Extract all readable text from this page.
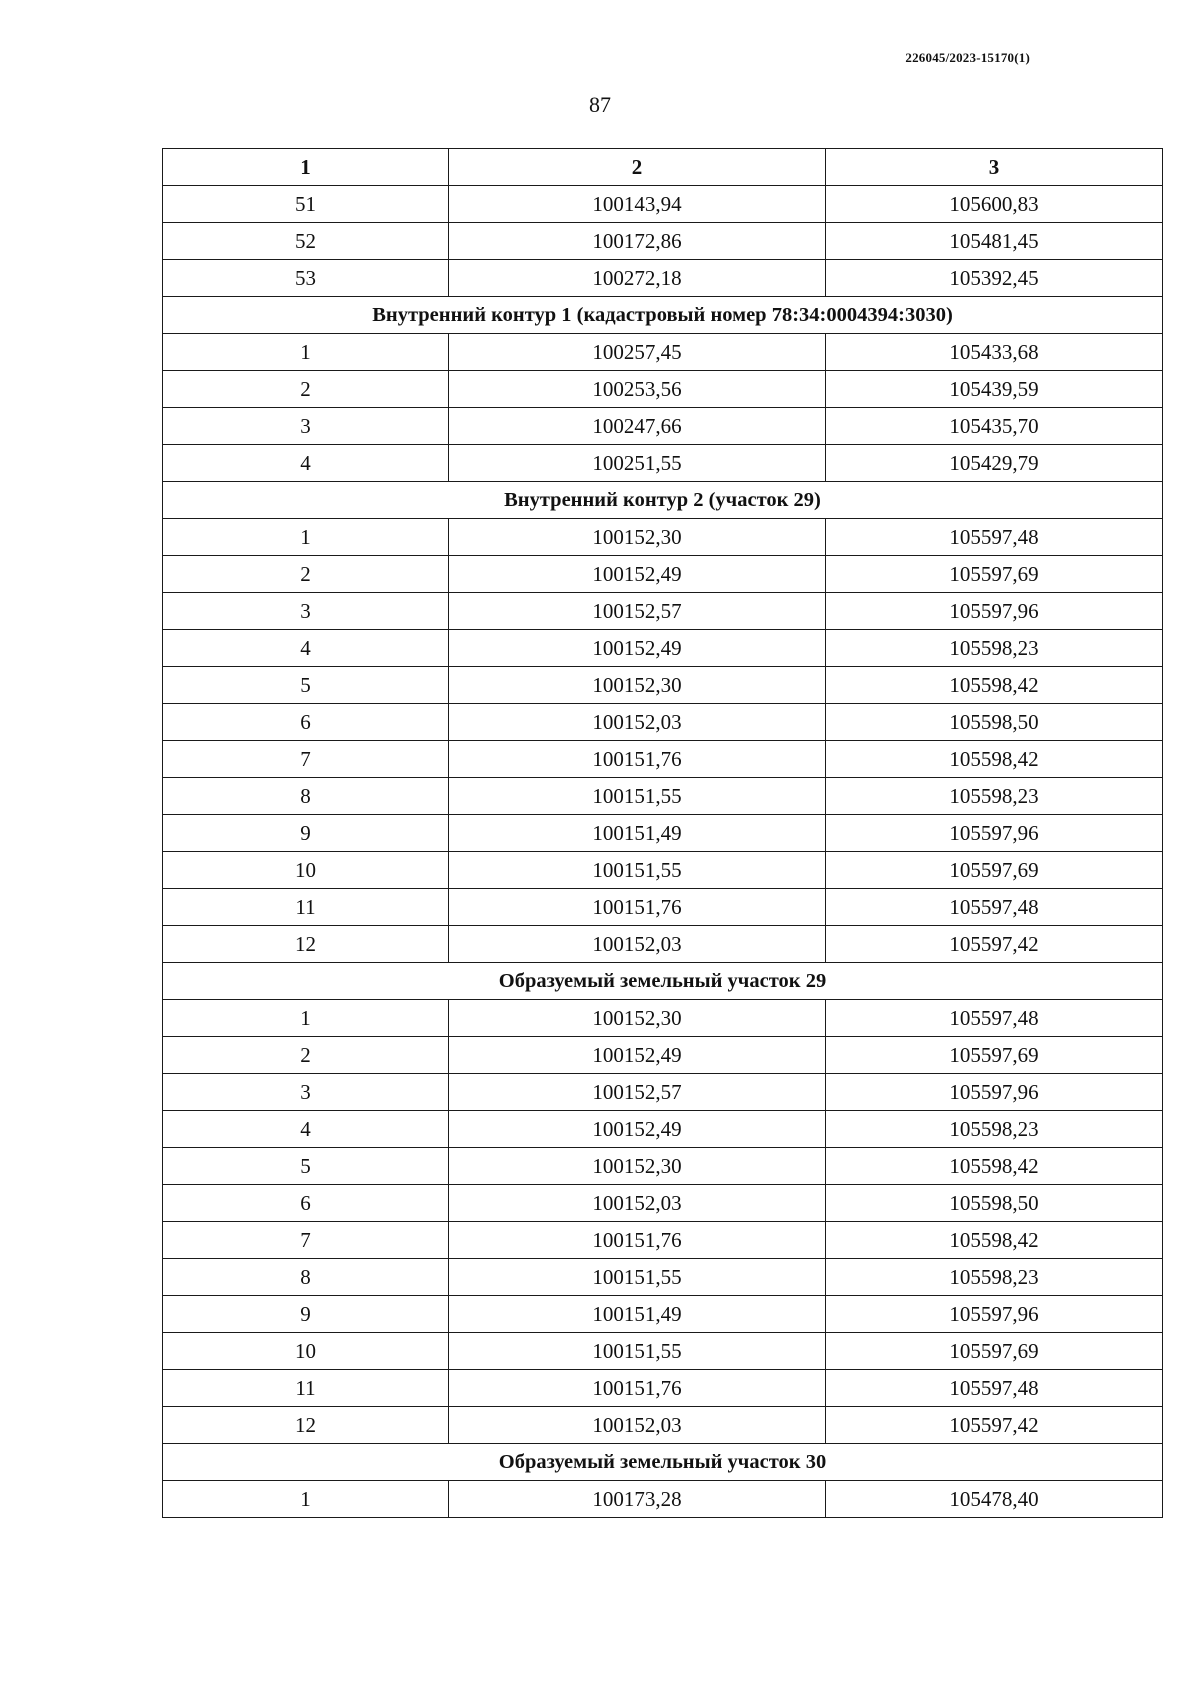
226045/2023-15170(1)
87
1	2	3
51	100143,94	105600,83
52	100172,86	105481,45
53	100272,18	105392,45
Внутренний контур 1 (кадастровый номер 78:34:0004394:3030)		
1	100257,45	105433,68
2	100253,56	105439,59
3	100247,66	105435,70
4	100251,55	105429,79
Внутренний контур 2 (участок 29)		
1	100152,30	105597,48
2	100152,49	105597,69
3	100152,57	105597,96
4	100152,49	105598,23
5	100152,30	105598,42
6	100152,03	105598,50
7	100151,76	105598,42
8	100151,55	105598,23
9	100151,49	105597,96
10	100151,55	105597,69
11	100151,76	105597,48
12	100152,03	105597,42
Образуемый земельный участок 29		
1	100152,30	105597,48
2	100152,49	105597,69
3	100152,57	105597,96
4	100152,49	105598,23
5	100152,30	105598,42
6	100152,03	105598,50
7	100151,76	105598,42
8	100151,55	105598,23
9	100151,49	105597,96
10	100151,55	105597,69
11	100151,76	105597,48
12	100152,03	105597,42
Образуемый земельный участок 30		
1	100173,28	105478,40
